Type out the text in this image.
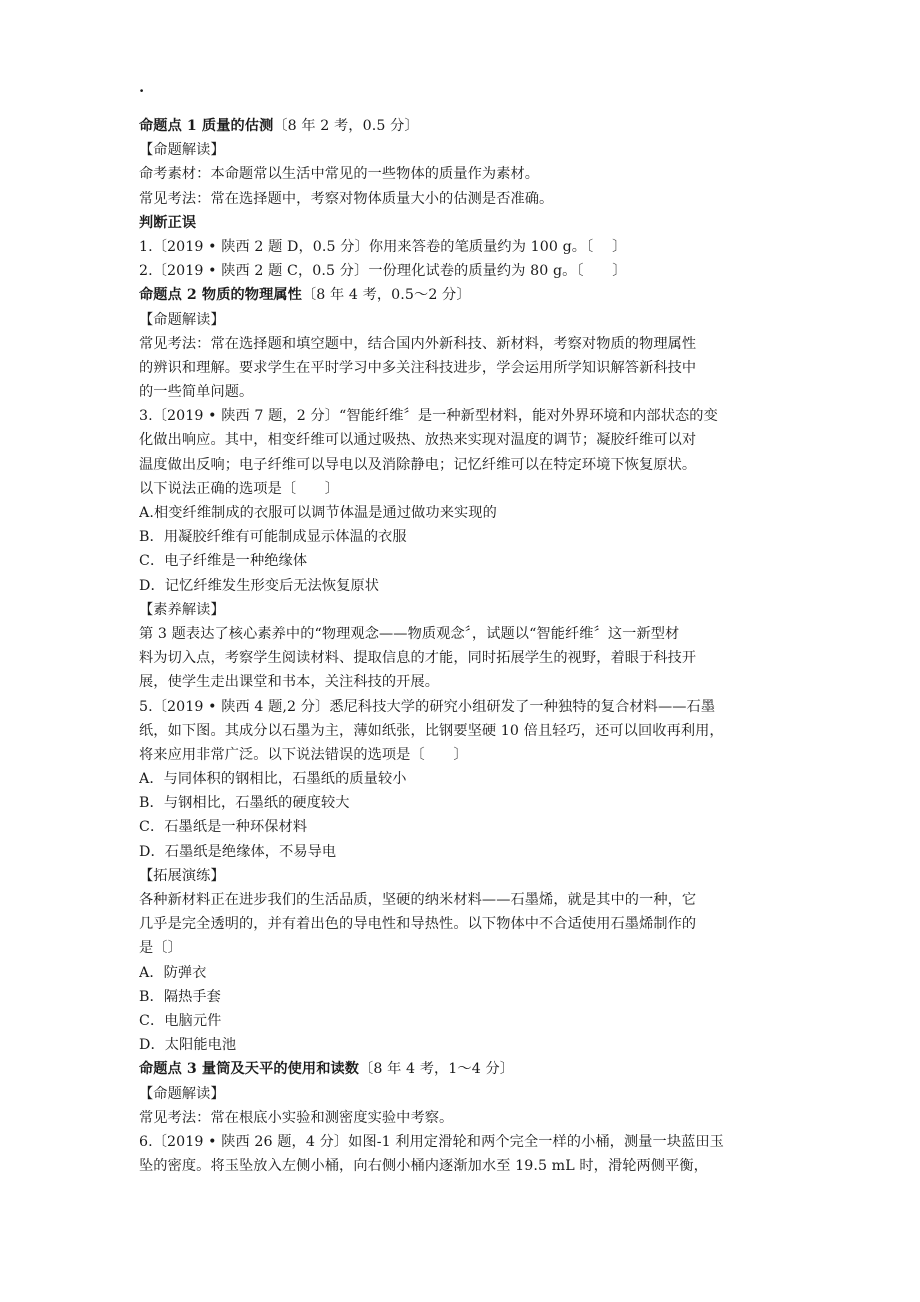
.
命题点 1 质量的估测〔8 年 2 考，0.5 分〕
【命题解读】
命考素材：本命题常以生活中常见的一些物体的质量作为素材。
常见考法：常在选择题中，考察对物体质量大小的估测是否准确。
判断正误
1.〔2019 • 陕西 2 题 D，0.5 分〕你用来答卷的笔质量约为 100 g。〔　 〕
2.〔2019 • 陕西 2 题 C，0.5 分〕一份理化试卷的质量约为 80 g。〔　　〕
命题点 2 物质的物理属性〔8 年 4 考，0.5～2 分〕
【命题解读】
常见考法：常在选择题和填空题中，结合国内外新科技、新材料，考察对物质的物理属性
的辨识和理解。要求学生在平时学习中多关注科技进步，学会运用所学知识解答新科技中
的一些简单问题。
3.〔2019 • 陕西 7 题，2 分〕“智能纤维〞是一种新型材料，能对外界环境和内部状态的变
化做出响应。其中，相变纤维可以通过吸热、放热来实现对温度的调节；凝胶纤维可以对
温度做出反响；电子纤维可以导电以及消除静电；记忆纤维可以在特定环境下恢复原状。
以下说法正确的选项是〔　　〕
A.相变纤维制成的衣服可以调节体温是通过做功来实现的
B．用凝胶纤维有可能制成显示体温的衣服
C．电子纤维是一种绝缘体
D．记忆纤维发生形变后无法恢复原状
【素养解读】
第 3 题表达了核心素养中的“物理观念——物质观念〞，试题以“智能纤维〞这一新型材
料为切入点，考察学生阅读材料、提取信息的才能，同时拓展学生的视野，着眼于科技开
展，使学生走出课堂和书本，关注科技的开展。
5.〔2019 • 陕西 4 题,2 分〕悉尼科技大学的研究小组研发了一种独特的复合材料——石墨
纸，如下图。其成分以石墨为主，薄如纸张，比钢要坚硬 10 倍且轻巧，还可以回收再利用，
将来应用非常广泛。以下说法错误的选项是〔　　〕
A．与同体积的钢相比，石墨纸的质量较小
B．与钢相比，石墨纸的硬度较大
C．石墨纸是一种环保材料
D．石墨纸是绝缘体，不易导电
【拓展演练】
各种新材料正在进步我们的生活品质，坚硬的纳米材料——石墨烯，就是其中的一种，它
几乎是完全透明的，并有着出色的导电性和导热性。以下物体中不合适使用石墨烯制作的
是〔〕
A．防弹衣
B．隔热手套
C．电脑元件
D．太阳能电池
命题点 3 量筒及天平的使用和读数〔8 年 4 考，1～4 分〕
【命题解读】
常见考法：常在根底小实验和测密度实验中考察。
6.〔2019 • 陕西 26 题，4 分〕如图-1 利用定滑轮和两个完全一样的小桶，测量一块蓝田玉
坠的密度。将玉坠放入左侧小桶，向右侧小桶内逐渐加水至 19.5 mL 时，滑轮两侧平衡，
